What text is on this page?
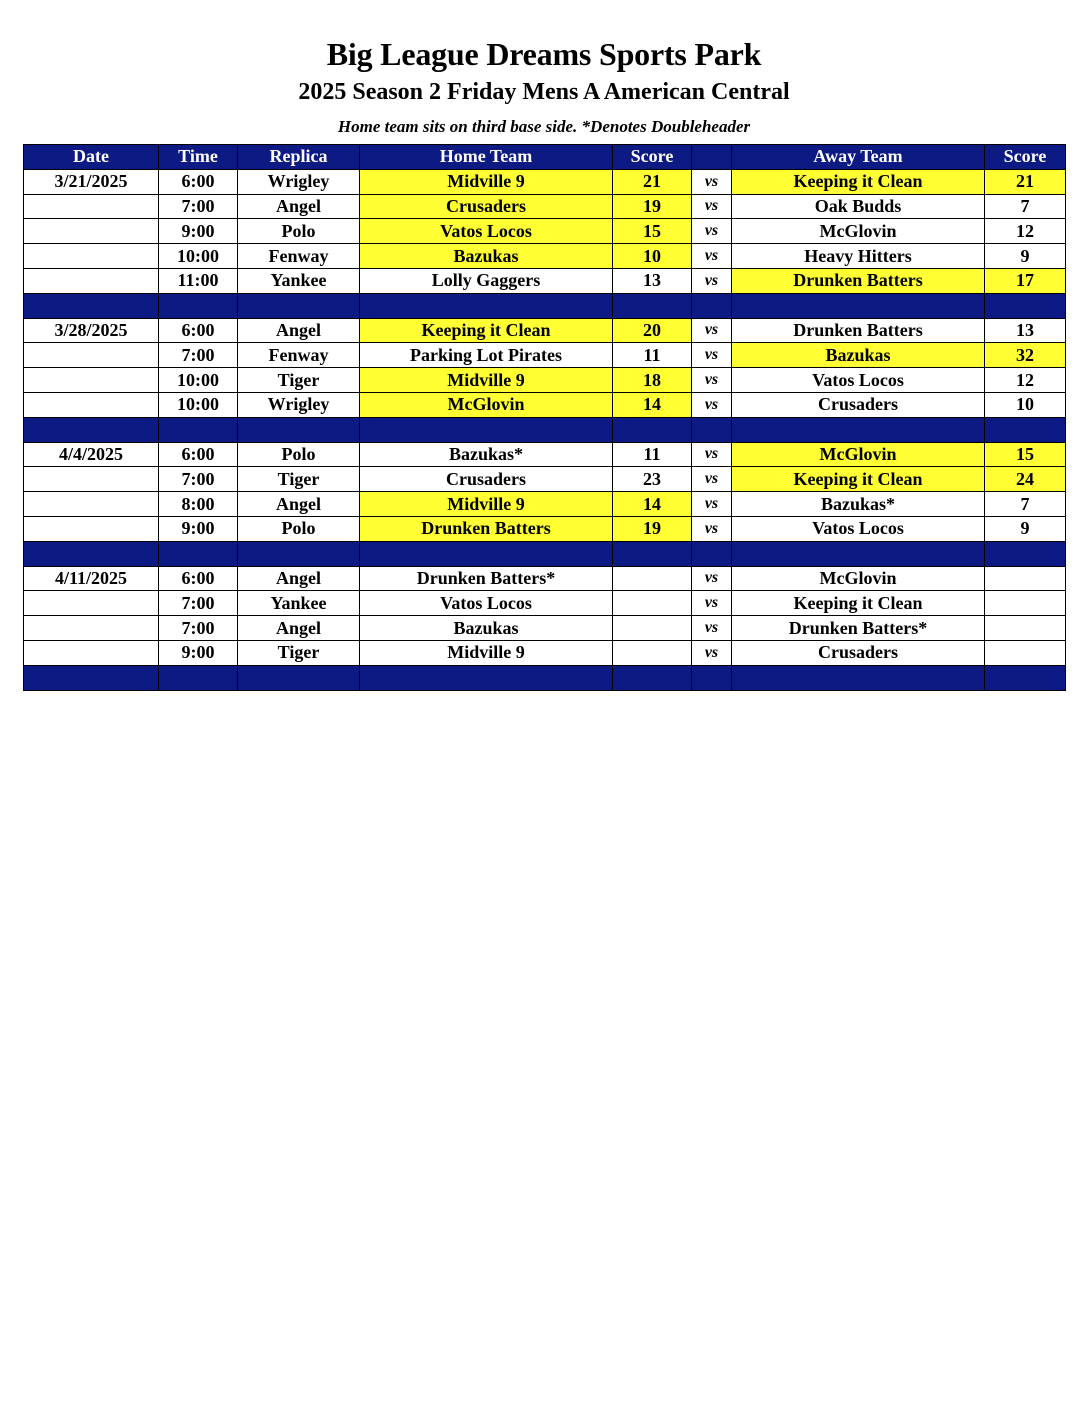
Big League Dreams Sports Park
2025 Season 2 Friday Mens A American Central
Home team sits on third base side. *Denotes Doubleheader
Date	Time	Replica	Home Team	Score		Away Team	Score
3/21/2025	6:00	Wrigley	Midville 9	21	vs	Keeping it Clean	21
	7:00	Angel	Crusaders	19	vs	Oak Budds	7
	9:00	Polo	Vatos Locos	15	vs	McGlovin	12
	10:00	Fenway	Bazukas	10	vs	Heavy Hitters	9
	11:00	Yankee	Lolly Gaggers	13	vs	Drunken Batters	17

3/28/2025	6:00	Angel	Keeping it Clean	20	vs	Drunken Batters	13
	7:00	Fenway	Parking Lot Pirates	11	vs	Bazukas	32
	10:00	Tiger	Midville 9	18	vs	Vatos Locos	12
	10:00	Wrigley	McGlovin	14	vs	Crusaders	10

4/4/2025	6:00	Polo	Bazukas*	11	vs	McGlovin	15
	7:00	Tiger	Crusaders	23	vs	Keeping it Clean	24
	8:00	Angel	Midville 9	14	vs	Bazukas*	7
	9:00	Polo	Drunken Batters	19	vs	Vatos Locos	9

4/11/2025	6:00	Angel	Drunken Batters*		vs	McGlovin	
	7:00	Yankee	Vatos Locos		vs	Keeping it Clean	
	7:00	Angel	Bazukas		vs	Drunken Batters*	
	9:00	Tiger	Midville 9		vs	Crusaders	
